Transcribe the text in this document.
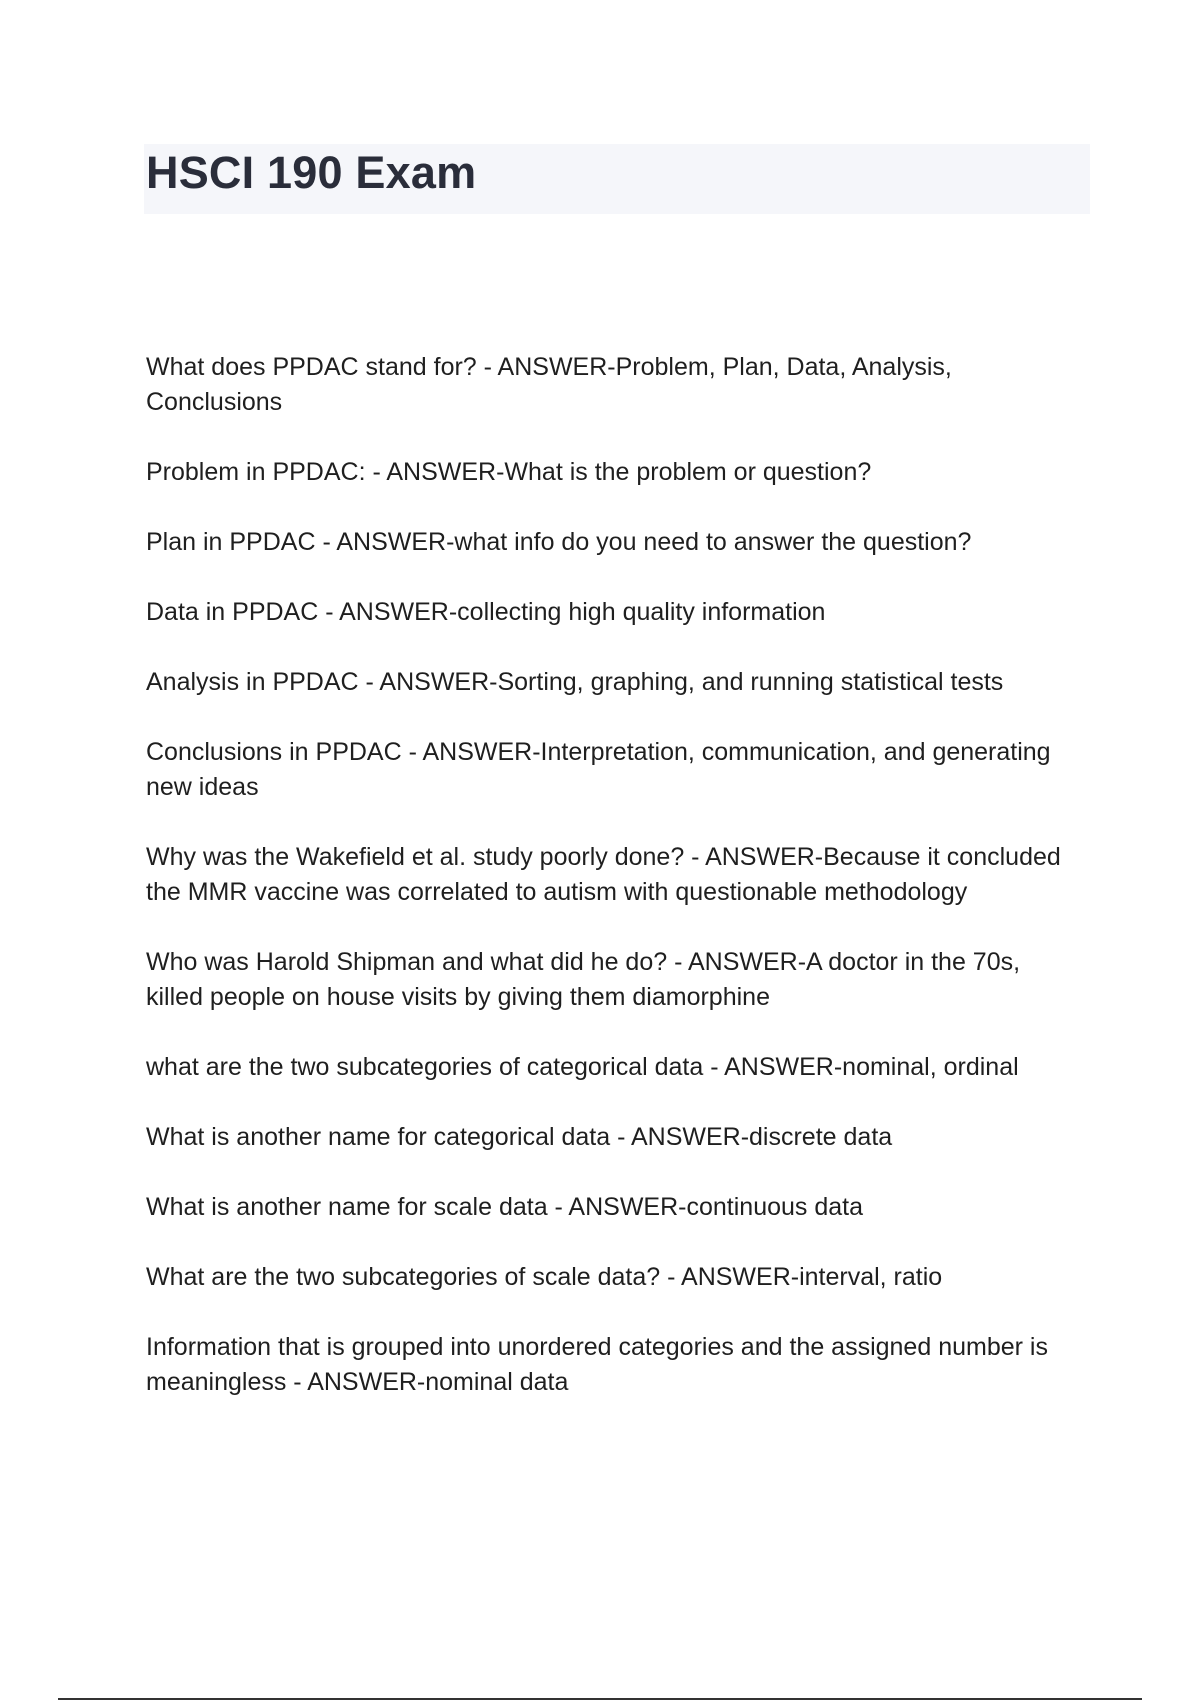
HSCI 190 Exam

What does PPDAC stand for? - ANSWER-Problem, Plan, Data, Analysis, Conclusions

Problem in PPDAC: - ANSWER-What is the problem or question?

Plan in PPDAC - ANSWER-what info do you need to answer the question?

Data in PPDAC - ANSWER-collecting high quality information

Analysis in PPDAC - ANSWER-Sorting, graphing, and running statistical tests

Conclusions in PPDAC - ANSWER-Interpretation, communication, and generating new ideas

Why was the Wakefield et al. study poorly done? - ANSWER-Because it concluded the MMR vaccine was correlated to autism with questionable methodology

Who was Harold Shipman and what did he do? - ANSWER-A doctor in the 70s, killed people on house visits by giving them diamorphine

what are the two subcategories of categorical data - ANSWER-nominal, ordinal

What is another name for categorical data - ANSWER-discrete data

What is another name for scale data - ANSWER-continuous data

What are the two subcategories of scale data? - ANSWER-interval, ratio

Information that is grouped into unordered categories and the assigned number is meaningless - ANSWER-nominal data
